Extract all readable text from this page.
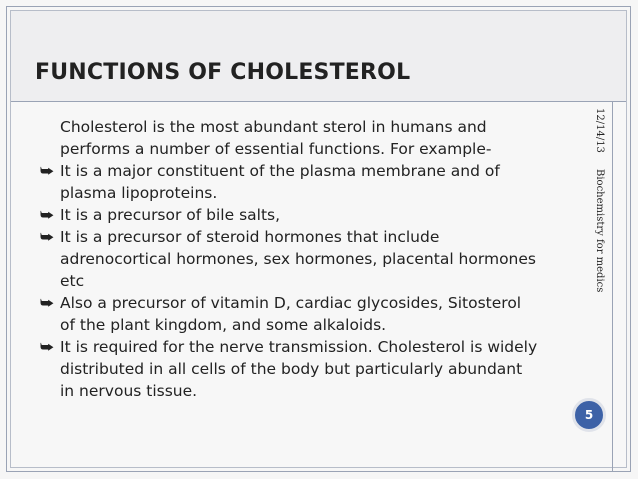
FUNCTIONS OF CHOLESTEROL
12/14/13
Biochemistry for medics

Cholesterol is the most abundant sterol in humans and performs a number of essential functions. For example-

⮩ It is a major constituent of the plasma membrane and of plasma lipoproteins.
⮩ It is a precursor of bile salts,
⮩ It is a precursor of steroid hormones that include adrenocortical hormones, sex hormones, placental hormones etc
⮩ Also a precursor of vitamin D, cardiac glycosides, Sitosterol of the plant kingdom, and some alkaloids.
⮩ It is required for the nerve transmission. Cholesterol is widely distributed in all cells of the body but particularly abundant in nervous tissue.
5
